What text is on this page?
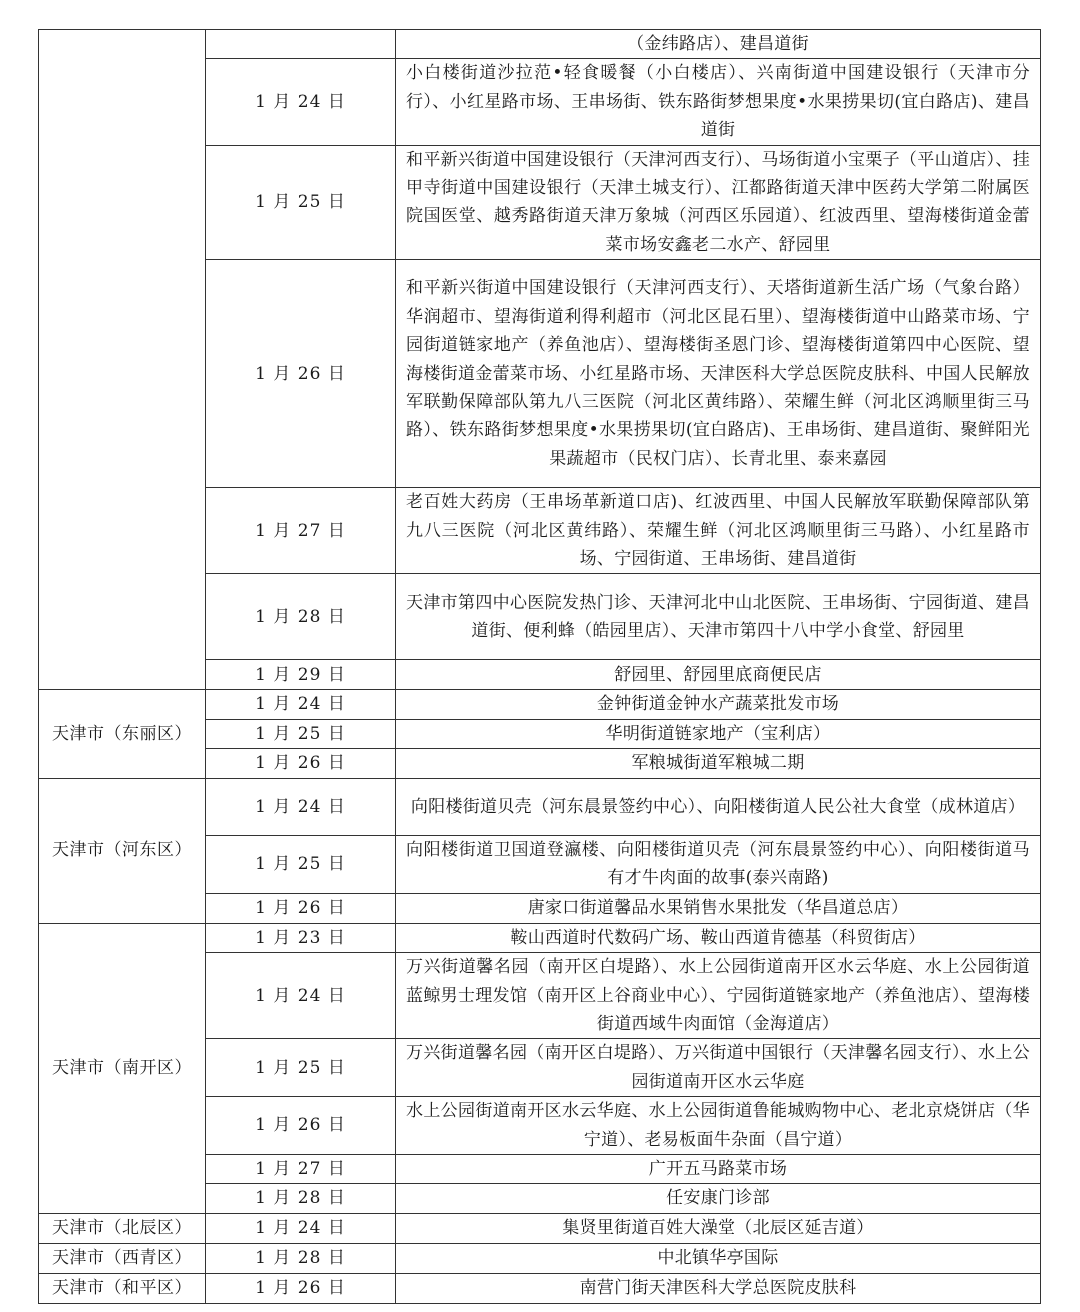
		（金纬路店）、建昌道街
	1 月 24 日	小白楼街道沙拉范•轻食暖餐（小白楼店）、兴南街道中国建设银行（天津市分行）、小红星路市场、王串场街、铁东路街梦想果度•水果捞果切(宜白路店)、建昌道街
	1 月 25 日	和平新兴街道中国建设银行（天津河西支行）、马场街道小宝栗子（平山道店）、挂甲寺街道中国建设银行（天津土城支行）、江都路街道天津中医药大学第二附属医院国医堂、越秀路街道天津万象城（河西区乐园道）、红波西里、望海楼街道金蕾菜市场安鑫老二水产、舒园里
	1 月 26 日	和平新兴街道中国建设银行（天津河西支行）、天塔街道新生活广场（气象台路）华润超市、望海街道利得利超市（河北区昆石里）、望海楼街道中山路菜市场、宁园街道链家地产（养鱼池店）、望海楼街圣恩门诊、望海楼街道第四中心医院、望海楼街道金蕾菜市场、小红星路市场、天津医科大学总医院皮肤科、中国人民解放军联勤保障部队第九八三医院（河北区黄纬路）、荣耀生鲜（河北区鸿顺里街三马路）、铁东路街梦想果度•水果捞果切(宜白路店)、王串场街、建昌道街、聚鲜阳光果蔬超市（民权门店）、长青北里、泰来嘉园
	1 月 27 日	老百姓大药房（王串场革新道口店)、红波西里、中国人民解放军联勤保障部队第九八三医院（河北区黄纬路）、荣耀生鲜（河北区鸿顺里街三马路）、小红星路市场、宁园街道、王串场街、建昌道街
	1 月 28 日	天津市第四中心医院发热门诊、天津河北中山北医院、王串场街、宁园街道、建昌道街、便利蜂（皓园里店）、天津市第四十八中学小食堂、舒园里
	1 月 29 日	舒园里、舒园里底商便民店
天津市（东丽区）	1 月 24 日	金钟街道金钟水产蔬菜批发市场
	1 月 25 日	华明街道链家地产（宝利店）
	1 月 26 日	军粮城街道军粮城二期
天津市（河东区）	1 月 24 日	向阳楼街道贝壳（河东晨景签约中心）、向阳楼街道人民公社大食堂（成林道店）
	1 月 25 日	向阳楼街道卫国道登瀛楼、向阳楼街道贝壳（河东晨景签约中心）、向阳楼街道马有才牛肉面的故事(泰兴南路)
	1 月 26 日	唐家口街道馨品水果销售水果批发（华昌道总店）
天津市（南开区）	1 月 23 日	鞍山西道时代数码广场、鞍山西道肯德基（科贸街店）
	1 月 24 日	万兴街道馨名园（南开区白堤路）、水上公园街道南开区水云华庭、水上公园街道蓝鲸男士理发馆（南开区上谷商业中心）、宁园街道链家地产（养鱼池店）、望海楼街道西域牛肉面馆（金海道店）
	1 月 25 日	万兴街道馨名园（南开区白堤路）、万兴街道中国银行（天津馨名园支行）、水上公园街道南开区水云华庭
	1 月 26 日	水上公园街道南开区水云华庭、水上公园街道鲁能城购物中心、老北京烧饼店（华宁道）、老易板面牛杂面（昌宁道）
	1 月 27 日	广开五马路菜市场
	1 月 28 日	任安康门诊部
天津市（北辰区）	1 月 24 日	集贤里街道百姓大澡堂（北辰区延吉道）
天津市（西青区）	1 月 28 日	中北镇华亭国际
天津市（和平区）	1 月 26 日	南营门街天津医科大学总医院皮肤科
